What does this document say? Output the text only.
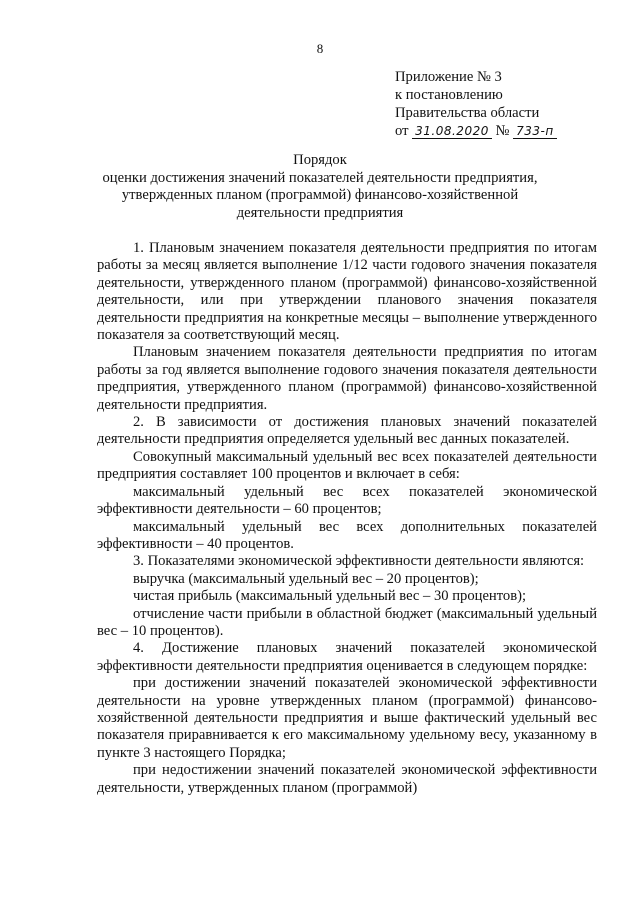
8
Приложение № 3
к постановлению
Правительства области
от 31.08.2020 № 733-п
Порядок
оценки достижения значений показателей деятельности предприятия,
утвержденных планом (программой) финансово-хозяйственной
деятельности предприятия

1. Плановым значением показателя деятельности предприятия по итогам работы за месяц является выполнение 1/12 части годового значения показателя деятельности, утвержденного планом (программой) финансово-хозяйственной деятельности, или при утверждении планового значения показателя деятельности предприятия на конкретные месяцы – выполнение утвержденного показателя за соответствующий месяц.

Плановым значением показателя деятельности предприятия по итогам работы за год является выполнение годового значения показателя деятельности предприятия, утвержденного планом (программой) финансово-хозяйственной деятельности предприятия.

2. В зависимости от достижения плановых значений показателей деятельности предприятия определяется удельный вес данных показателей.

Совокупный максимальный удельный вес всех показателей деятельности предприятия составляет 100 процентов и включает в себя:

максимальный удельный вес всех показателей экономической эффективности деятельности – 60 процентов;

максимальный удельный вес всех дополнительных показателей эффективности – 40 процентов.

3. Показателями экономической эффективности деятельности являются:

выручка (максимальный удельный вес – 20 процентов);

чистая прибыль (максимальный удельный вес – 30 процентов);

отчисление части прибыли в областной бюджет (максимальный удельный вес – 10 процентов).

4. Достижение плановых значений показателей экономической эффективности деятельности предприятия оценивается в следующем порядке:

при достижении значений показателей экономической эффективности деятельности на уровне утвержденных планом (программой) финансово-хозяйственной деятельности предприятия и выше фактический удельный вес показателя приравнивается к его максимальному удельному весу, указанному в пункте 3 настоящего Порядка;

при недостижении значений показателей экономической эффективности деятельности, утвержденных планом (программой)
